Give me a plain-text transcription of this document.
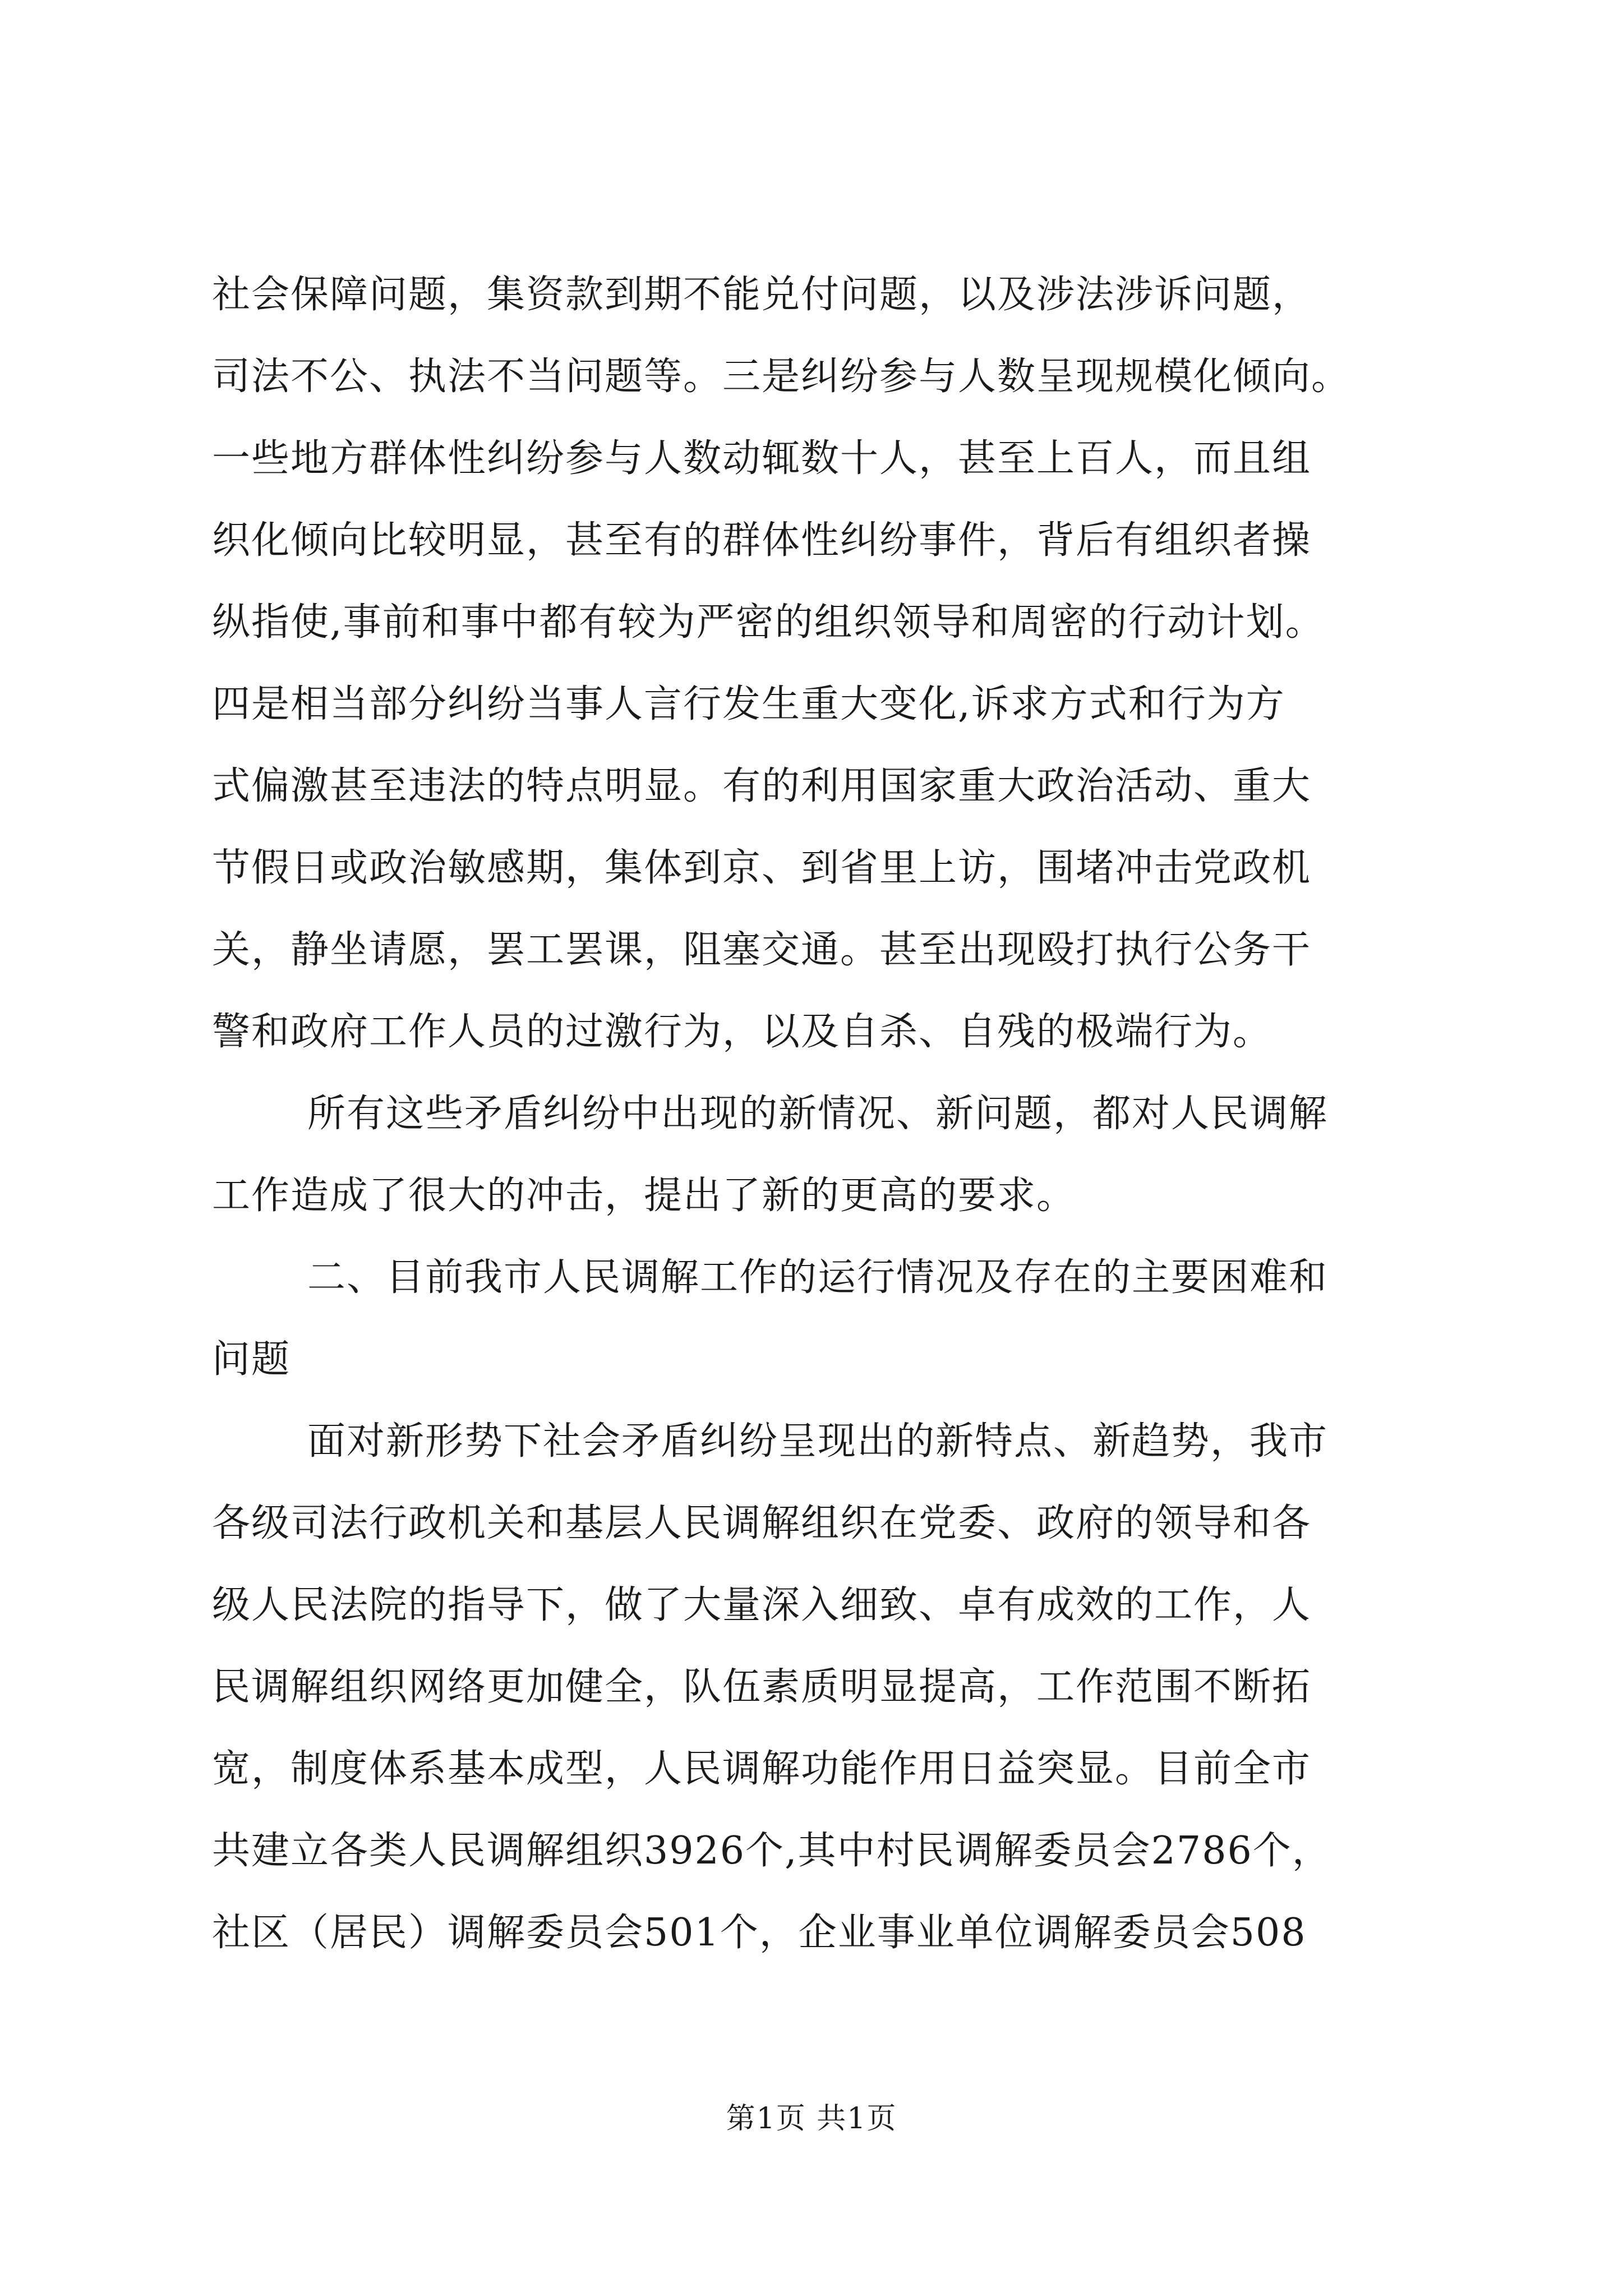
社会保障问题，集资款到期不能兑付问题，以及涉法涉诉问题，
司法不公、执法不当问题等。三是纠纷参与人数呈现规模化倾向。
一些地方群体性纠纷参与人数动辄数十人，甚至上百人，而且组
织化倾向比较明显，甚至有的群体性纠纷事件，背后有组织者操
纵指使,事前和事中都有较为严密的组织领导和周密的行动计划。
四是相当部分纠纷当事人言行发生重大变化,诉求方式和行为方
式偏激甚至违法的特点明显。有的利用国家重大政治活动、重大
节假日或政治敏感期，集体到京、到省里上访，围堵冲击党政机
关，静坐请愿，罢工罢课，阻塞交通。甚至出现殴打执行公务干
警和政府工作人员的过激行为，以及自杀、自残的极端行为。
所有这些矛盾纠纷中出现的新情况、新问题，都对人民调解
工作造成了很大的冲击，提出了新的更高的要求。
二、目前我市人民调解工作的运行情况及存在的主要困难和
问题
面对新形势下社会矛盾纠纷呈现出的新特点、新趋势，我市
各级司法行政机关和基层人民调解组织在党委、政府的领导和各
级人民法院的指导下，做了大量深入细致、卓有成效的工作，人
民调解组织网络更加健全，队伍素质明显提高，工作范围不断拓
宽，制度体系基本成型，人民调解功能作用日益突显。目前全市
共建立各类人民调解组织3926个,其中村民调解委员会2786个，
社区（居民）调解委员会501个，企业事业单位调解委员会508
第1页 共1页
